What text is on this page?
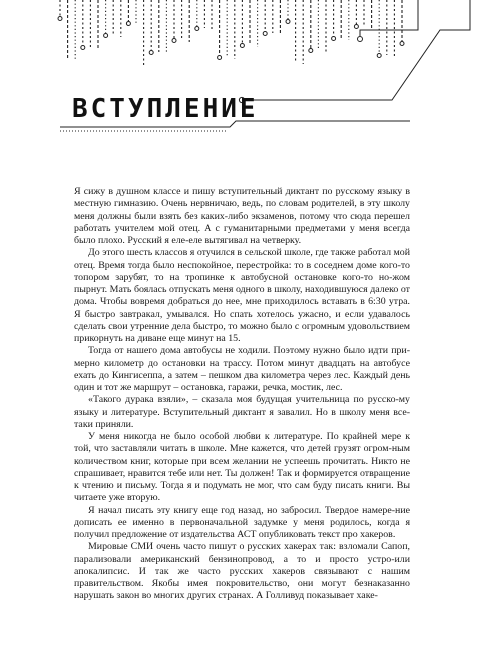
ВСТУПЛЕНИЕ

Я сижу в душном классе и пишу вступительный диктант по русскому языку в местную гимназию. Очень нервничаю, ведь, по словам родителей, в эту школу меня должны были взять без каких-либо экзаменов, потому что сюда перешел работать учителем мой отец. А с гуманитарными предметами у меня всегда было плохо. Русский я еле-еле вытягивал на четверку.

До этого шесть классов я отучился в сельской школе, где также работал мой отец. Время тогда было неспокойное, перестройка: то в соседнем доме кого-то топором зарубят, то на тропинке к автобусной остановке кого-то но-жом пырнут. Мать боялась отпускать меня одного в школу, находившуюся далеко от дома. Чтобы вовремя добраться до нее, мне приходилось вставать в 6:30 утра. Я быстро завтракал, умывался. Но спать хотелось ужасно, и если удавалось сделать свои утренние дела быстро, то можно было с огромным удовольствием прикорнуть на диване еще минут на 15.

Тогда от нашего дома автобусы не ходили. Поэтому нужно было идти при-мерно километр до остановки на трассу. Потом минут двадцать на автобусе ехать до Кингисеппа, а затем – пешком два километра через лес. Каждый день один и тот же маршрут – остановка, гаражи, речка, мостик, лес.

«Такого дурака взяли», – сказала моя будущая учительница по русско-му языку и литературе. Вступительный диктант я завалил. Но в школу меня все-таки приняли.

У меня никогда не было особой любви к литературе. По крайней мере к той, что заставляли читать в школе. Мне кажется, что детей грузят огром-ным количеством книг, которые при всем желании не успеешь прочитать. Никто не спрашивает, нравится тебе или нет. Ты должен! Так и формируется отвращение к чтению и письму. Тогда я и подумать не мог, что сам буду писать книги. Вы читаете уже вторую.

Я начал писать эту книгу еще год назад, но забросил. Твердое намере-ние дописать ее именно в первоначальной задумке у меня родилось, когда я получил предложение от издательства АСТ опубликовать текст про хакеров.

Мировые СМИ очень часто пишут о русских хакерах так: взломали Сапоп, парализовали американский бензинопровод, а то и просто устро-или апокалипсис. И так же часто русских хакеров связывают с нашим правительством. Якобы имея покровительство, они могут безнаказанно нарушать закон во многих других странах. А Голливуд показывает хаке-
